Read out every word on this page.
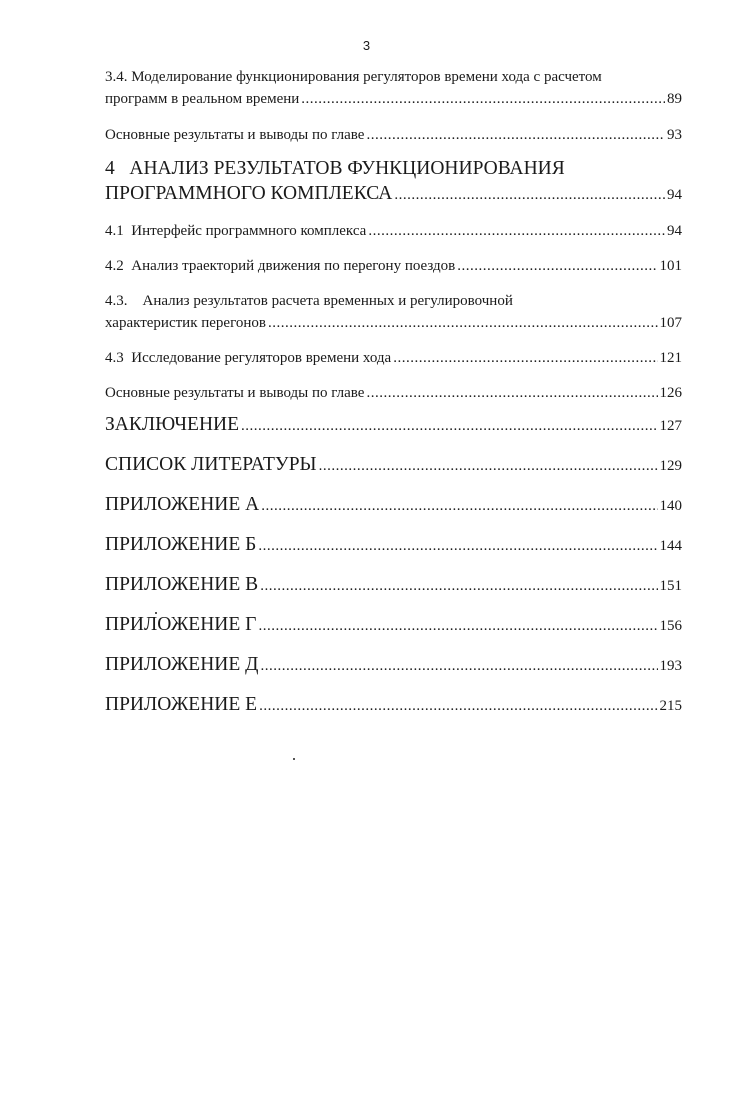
3
3.4. Моделирование функционирования регуляторов времени хода с расчетом
программ в реальном времени .....	89
Основные результаты и выводы по главе .....	93
4   АНАЛИЗ РЕЗУЛЬТАТОВ ФУНКЦИОНИРОВАНИЯ
ПРОГРАММНОГО КОМПЛЕКСА .....	94
4.1  Интерфейс программного комплекса .....	94
4.2  Анализ траекторий движения по перегону поездов .....	101
4.3.    Анализ результатов расчета временных и регулировочной
характеристик перегонов .....	107
4.3  Исследование регуляторов времени хода .....	121
Основные результаты и выводы по главе .....	126
ЗАКЛЮЧЕНИЕ .....	127
СПИСОК ЛИТЕРАТУРЫ .....	129
ПРИЛОЖЕНИЕ А .....	140
ПРИЛОЖЕНИЕ Б .....	144
ПРИЛОЖЕНИЕ В .....	151
ПРИЛОЖЕНИЕ Г .....	156
ПРИЛОЖЕНИЕ Д .....	193
ПРИЛОЖЕНИЕ Е .....	215
